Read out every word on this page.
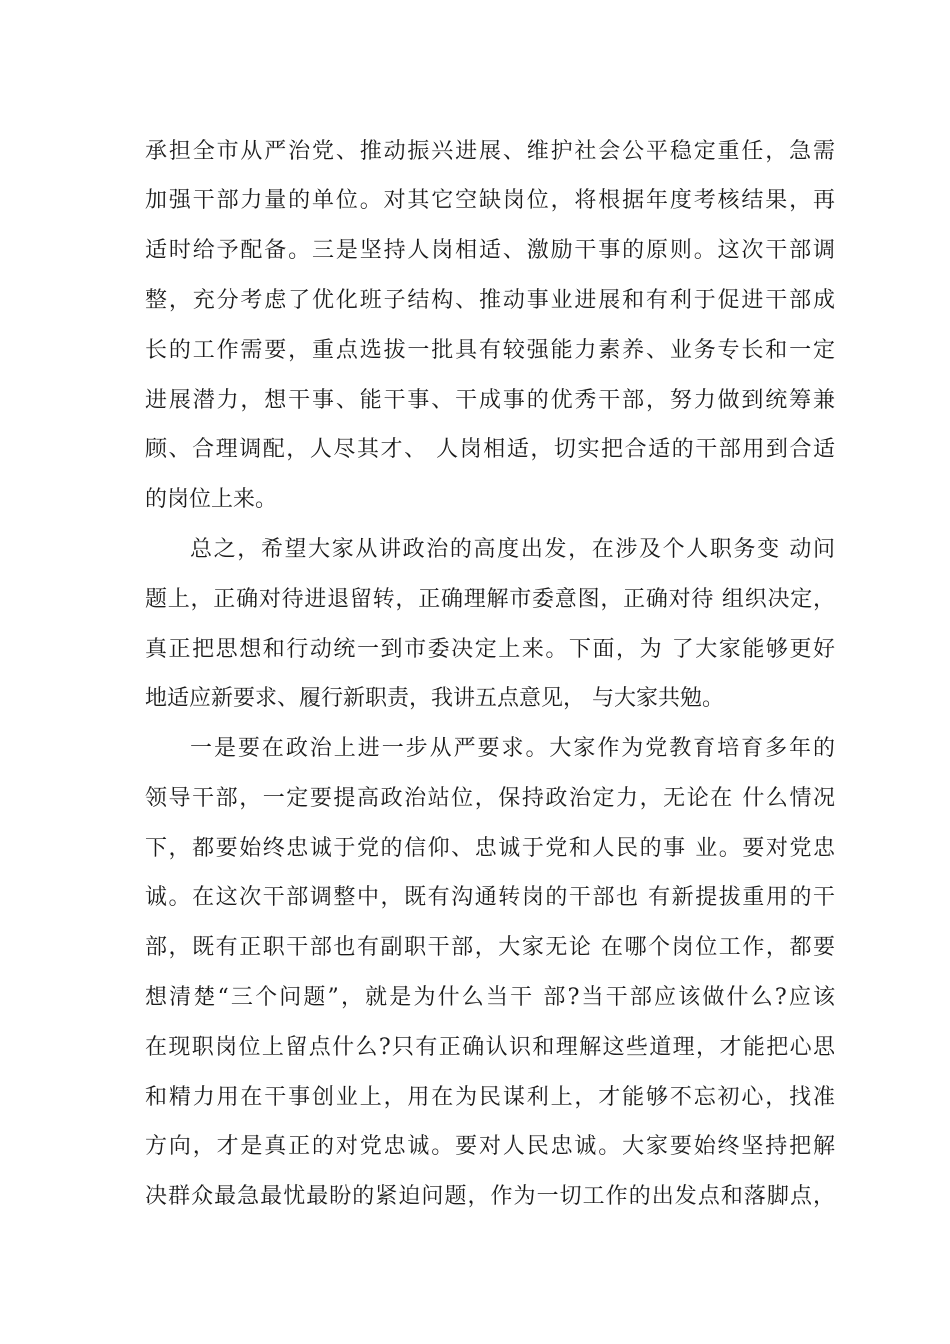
承担全市从严治党、推动振兴进展、维护社会公平稳定重任，急需
加强干部力量的单位。对其它空缺岗位，将根据年度考核结果，再
适时给予配备。三是坚持人岗相适、激励干事的原则。这次干部调
整，充分考虑了优化班子结构、推动事业进展和有利于促进干部成
长的工作需要，重点选拔一批具有较强能力素养、业务专长和一定
进展潜力，想干事、能干事、干成事的优秀干部，努力做到统筹兼
顾、合理调配，人尽其才、 人岗相适，切实把合适的干部用到合适
的岗位上来。
总之，希望大家从讲政治的高度出发，在涉及个人职务变 动问
题上，正确对待进退留转，正确理解市委意图，正确对待 组织决定，
真正把思想和行动统一到市委决定上来。下面，为 了大家能够更好
地适应新要求、履行新职责，我讲五点意见， 与大家共勉。
一是要在政治上进一步从严要求。大家作为党教育培育多年的
领导干部，一定要提高政治站位，保持政治定力，无论在 什么情况
下，都要始终忠诚于党的信仰、忠诚于党和人民的事 业。要对党忠
诚。在这次干部调整中，既有沟通转岗的干部也 有新提拔重用的干
部，既有正职干部也有副职干部，大家无论 在哪个岗位工作，都要
想清楚“三个问题”，就是为什么当干 部?当干部应该做什么?应该
在现职岗位上留点什么?只有正确认识和理解这些道理，才能把心思
和精力用在干事创业上，用在为民谋利上，才能够不忘初心，找准
方向，才是真正的对党忠诚。要对人民忠诚。大家要始终坚持把解
决群众最急最忧最盼的紧迫问题，作为一切工作的出发点和落脚点，
